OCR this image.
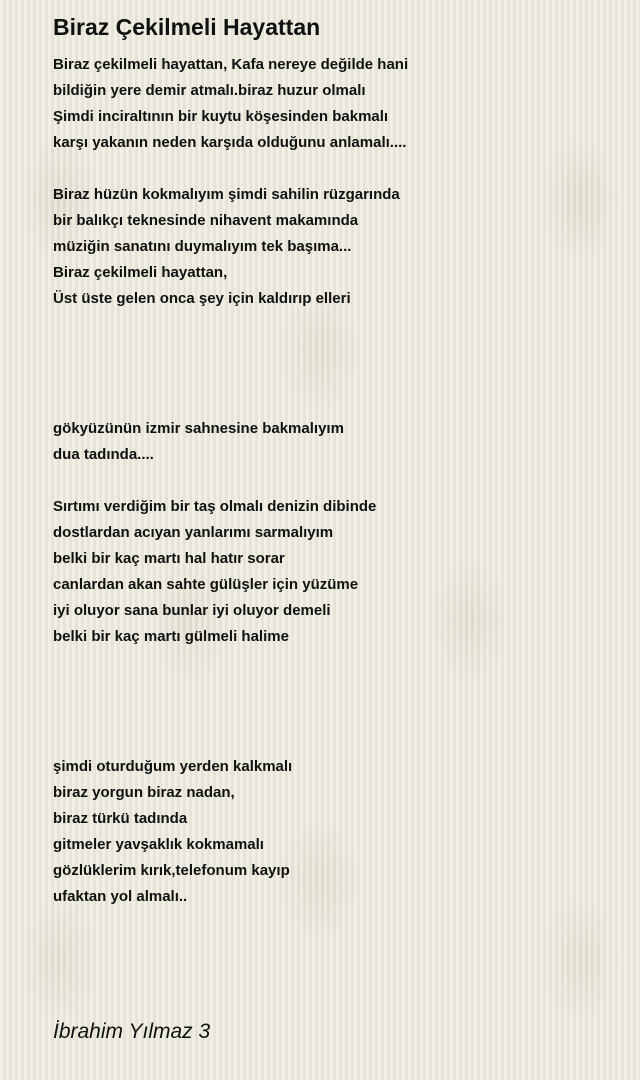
Biraz Çekilmeli Hayattan
Biraz çekilmeli hayattan, Kafa nereye değilde hani
bildiğin yere demir atmalı.biraz huzur olmalı
Şimdi inciraltının bir kuytu köşesinden bakmalı
karşı yakanın neden karşıda olduğunu anlamalı....
Biraz hüzün kokmalıyım şimdi sahilin rüzgarında
bir balıkçı teknesinde nihavent makamında
müziğin sanatını duymalıyım tek başıma...
Biraz çekilmeli hayattan,
Üst üste gelen onca şey için kaldırıp elleri
gökyüzünün izmir sahnesine bakmalıyım
dua tadında....
Sırtımı verdiğim bir taş olmalı denizin dibinde
dostlardan acıyan yanlarımı sarmalıyım
belki bir kaç martı hal hatır sorar
canlardan akan sahte gülüşler için yüzüme
iyi oluyor sana bunlar iyi oluyor demeli
belki bir kaç martı gülmeli halime
şimdi oturduğum yerden kalkmalı
biraz yorgun biraz nadan,
biraz türkü tadında
gitmeler yavşaklık kokmamalı
gözlüklerim kırık,telefonum kayıp
ufaktan yol almalı..
İbrahim Yılmaz 3
